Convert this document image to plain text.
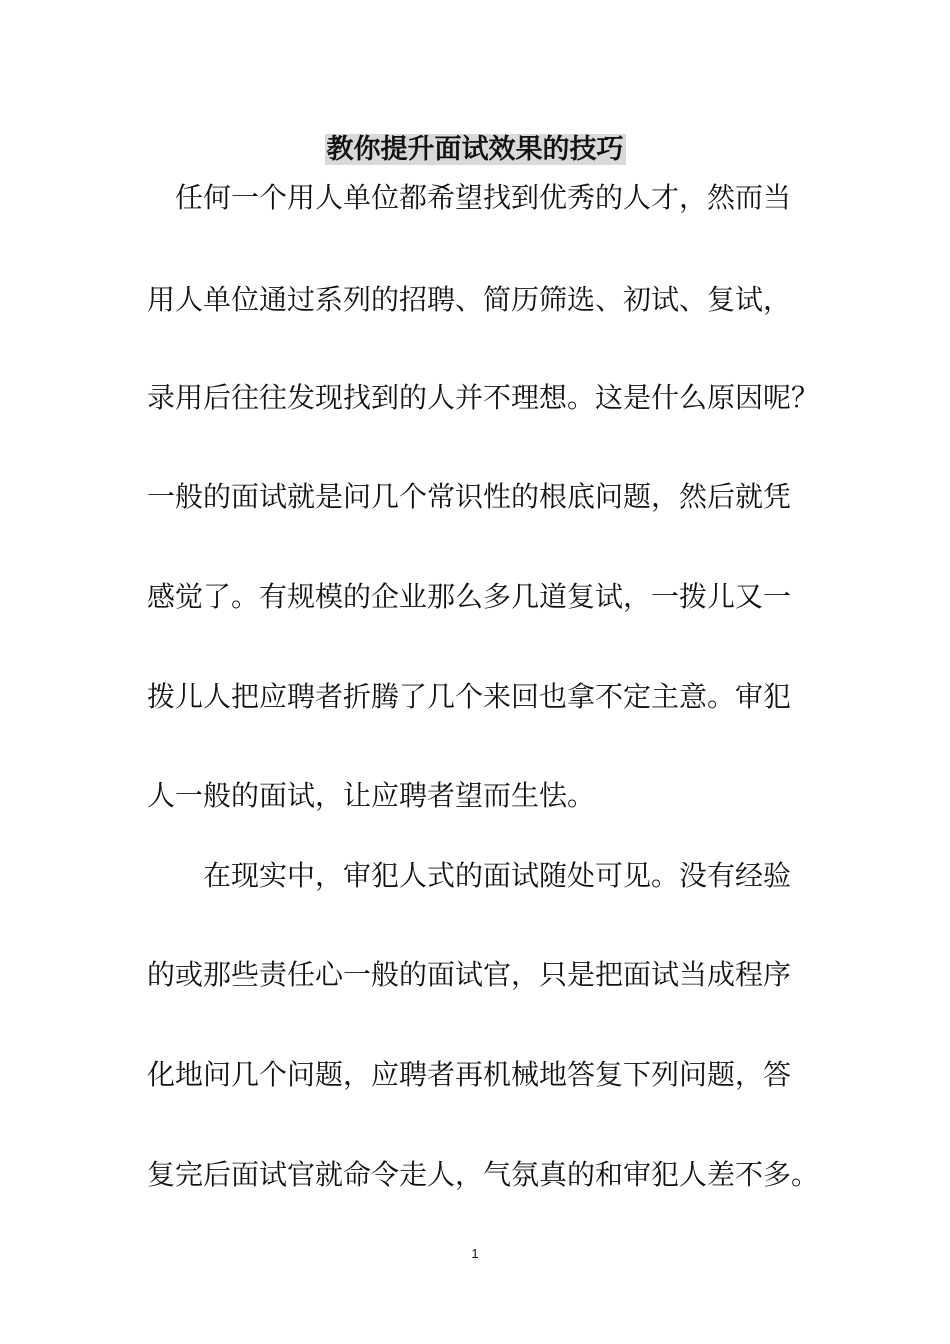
教你提升面试效果的技巧

　任何一个用人单位都希望找到优秀的人才，然而当

用人单位通过系列的招聘、简历筛选、初试、复试，

录用后往往发现找到的人并不理想。这是什么原因呢？

一般的面试就是问几个常识性的根底问题，然后就凭

感觉了。有规模的企业那么多几道复试，一拨儿又一

拨儿人把应聘者折腾了几个来回也拿不定主意。审犯

人一般的面试，让应聘者望而生怯。

　　在现实中，审犯人式的面试随处可见。没有经验

的或那些责任心一般的面试官，只是把面试当成程序

化地问几个问题，应聘者再机械地答复下列问题，答

复完后面试官就命令走人，气氛真的和审犯人差不多。

1
